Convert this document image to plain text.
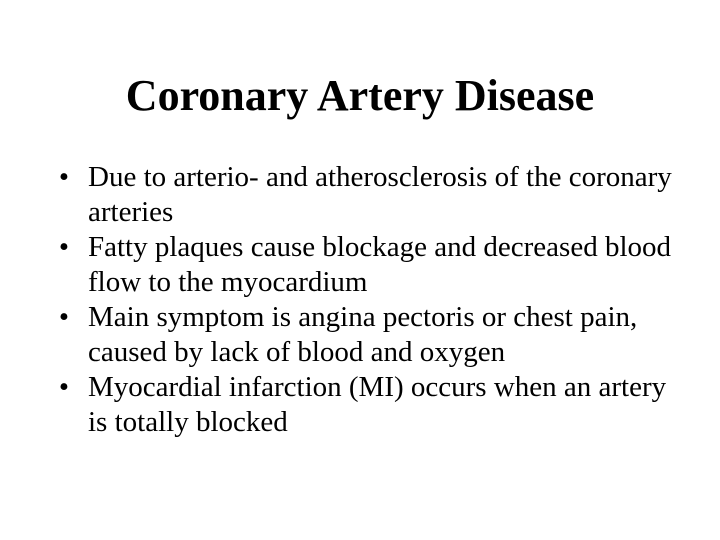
Coronary Artery Disease
• Due to arterio- and atherosclerosis of the coronary arteries
• Fatty plaques cause blockage and decreased blood flow to the myocardium
• Main symptom is angina pectoris or chest pain, caused by lack of blood and oxygen
• Myocardial infarction (MI) occurs when an artery is totally blocked
